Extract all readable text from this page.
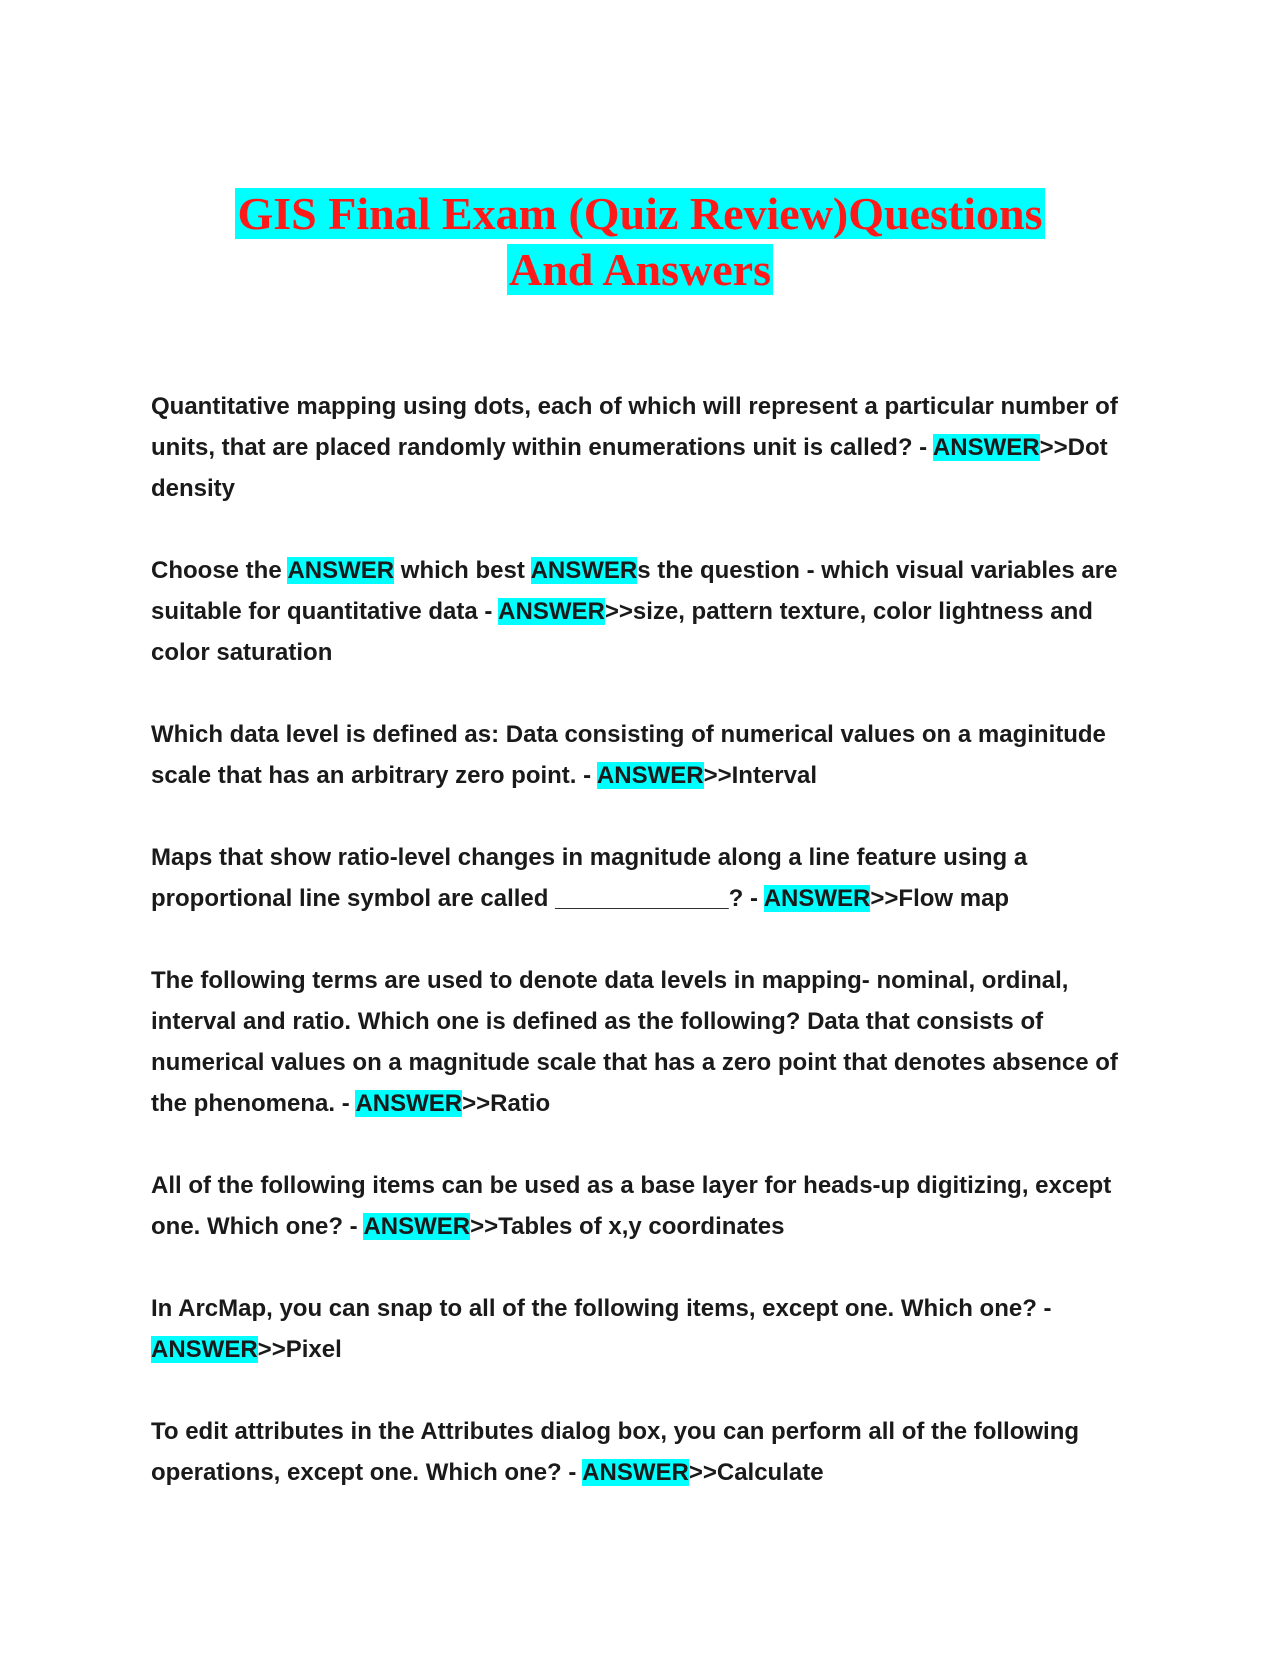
GIS Final Exam (Quiz Review)Questions
And Answers

Quantitative mapping using dots, each of which will represent a particular number of units, that are placed randomly within enumerations unit is called? - ANSWER>>Dot density

Choose the ANSWER which best ANSWERs the question - which visual variables are suitable for quantitative data - ANSWER>>size, pattern texture, color lightness and color saturation

Which data level is defined as: Data consisting of numerical values on a maginitude scale that has an arbitrary zero point. - ANSWER>>Interval

Maps that show ratio-level changes in magnitude along a line feature using a proportional line symbol are called _____________? - ANSWER>>Flow map

The following terms are used to denote data levels in mapping- nominal, ordinal, interval and ratio. Which one is defined as the following? Data that consists of numerical values on a magnitude scale that has a zero point that denotes absence of the phenomena. - ANSWER>>Ratio

All of the following items can be used as a base layer for heads-up digitizing, except one. Which one? - ANSWER>>Tables of x,y coordinates

In ArcMap, you can snap to all of the following items, except one. Which one? - ANSWER>>Pixel

To edit attributes in the Attributes dialog box, you can perform all of the following operations, except one. Which one? - ANSWER>>Calculate
